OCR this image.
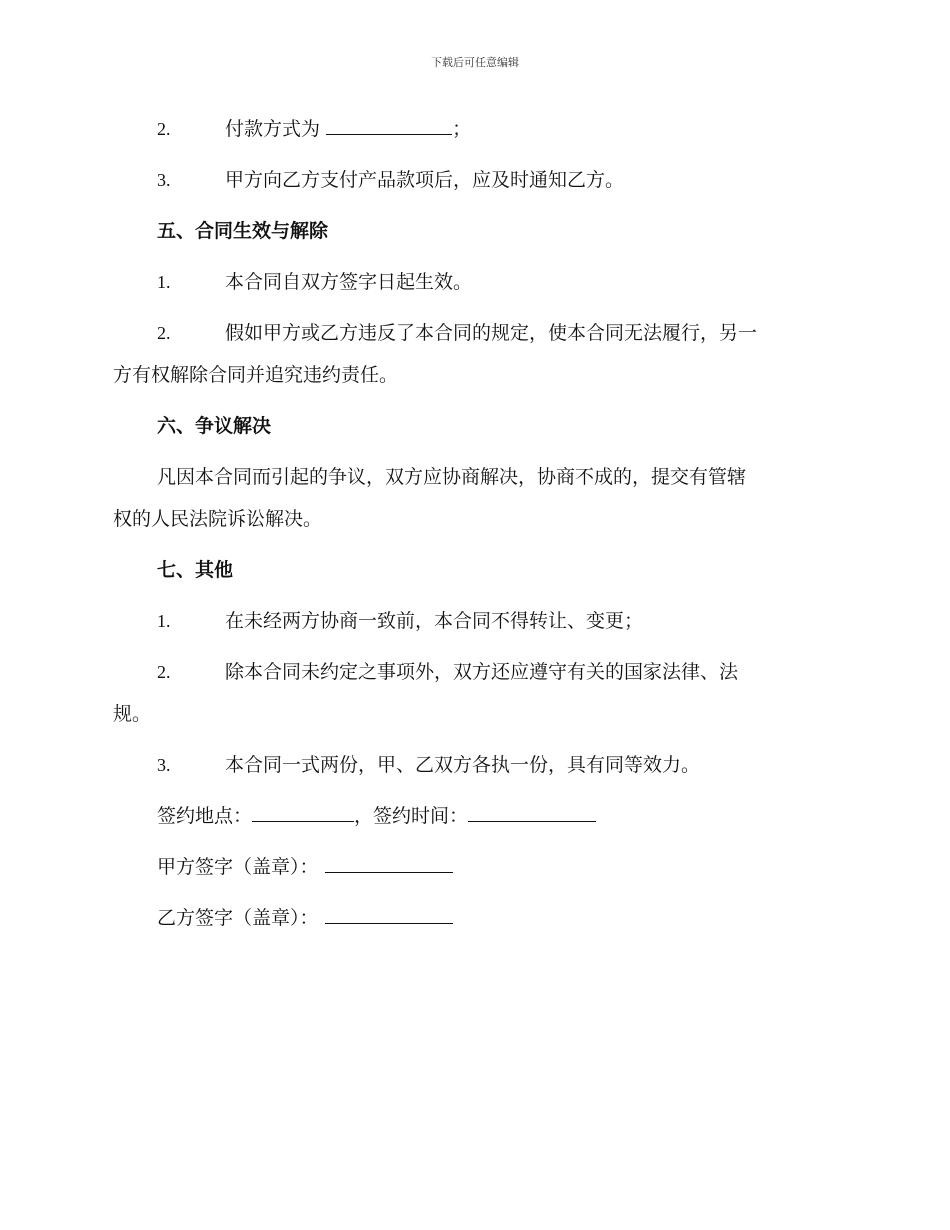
下载后可任意编辑
2.	付款方式为	；
3.	甲方向乙方支付产品款项后，应及时通知乙方。
五、合同生效与解除
1.	本合同自双方签字日起生效。
2.	假如甲方或乙方违反了本合同的规定，使本合同无法履行，另一
方有权解除合同并追究违约责任。
六、争议解决
凡因本合同而引起的争议，双方应协商解决，协商不成的，提交有管辖
权的人民法院诉讼解决。
七、其他
1.	在未经两方协商一致前，本合同不得转让、变更；
2.	除本合同未约定之事项外，双方还应遵守有关的国家法律、法
规。
3.	本合同一式两份，甲、乙双方各执一份，具有同等效力。
签约地点：	，签约时间：
甲方签字（盖章）：
乙方签字（盖章）：
